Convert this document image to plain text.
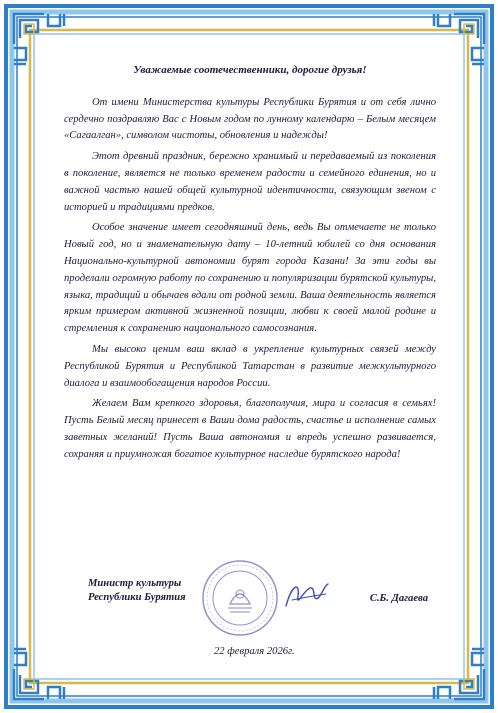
Уважаемые соотечественники, дорогие друзья!

От имени Министерства культуры Республики Бурятия и от себя лично сердечно поздравляю Вас с Новым годом по лунному календарю – Белым месяцем «Сагаалган», символом чистоты, обновления и надежды!

Этот древний праздник, бережно хранимый и передаваемый из поколения в поколение, является не только временем радости и семейного единения, но и важной частью нашей общей культурной идентичности, связующим звеном с историей и традициями предков.

Особое значение имеет сегодняшний день, ведь Вы отмечаете не только Новый год, но и знаменательную дату – 10-летний юбилей со дня основания Национально-культурной автономии бурят города Казани! За эти годы вы проделали огромную работу по сохранению и популяризации бурятской культуры, языка, традиций и обычаев вдали от родной земли. Ваша деятельность является ярким примером активной жизненной позиции, любви к своей малой родине и стремления к сохранению национального самосознания.

Мы высоко ценим ваш вклад в укрепление культурных связей между Республикой Бурятия и Республикой Татарстан в развитие межкультурного диалога и взаимообогащения народов России.

Желаем Вам крепкого здоровья, благополучия, мира и согласия в семьях! Пусть Белый месяц принесет в Ваши дома радость, счастье и исполнение самых заветных желаний! Пусть Ваша автономия и впредь успешно развивается, сохраняя и приумножая богатое культурное наследие бурятского народа!

Министр культуры
Республики Бурятия	С.Б. Дагаева
22 февраля 2026г.
